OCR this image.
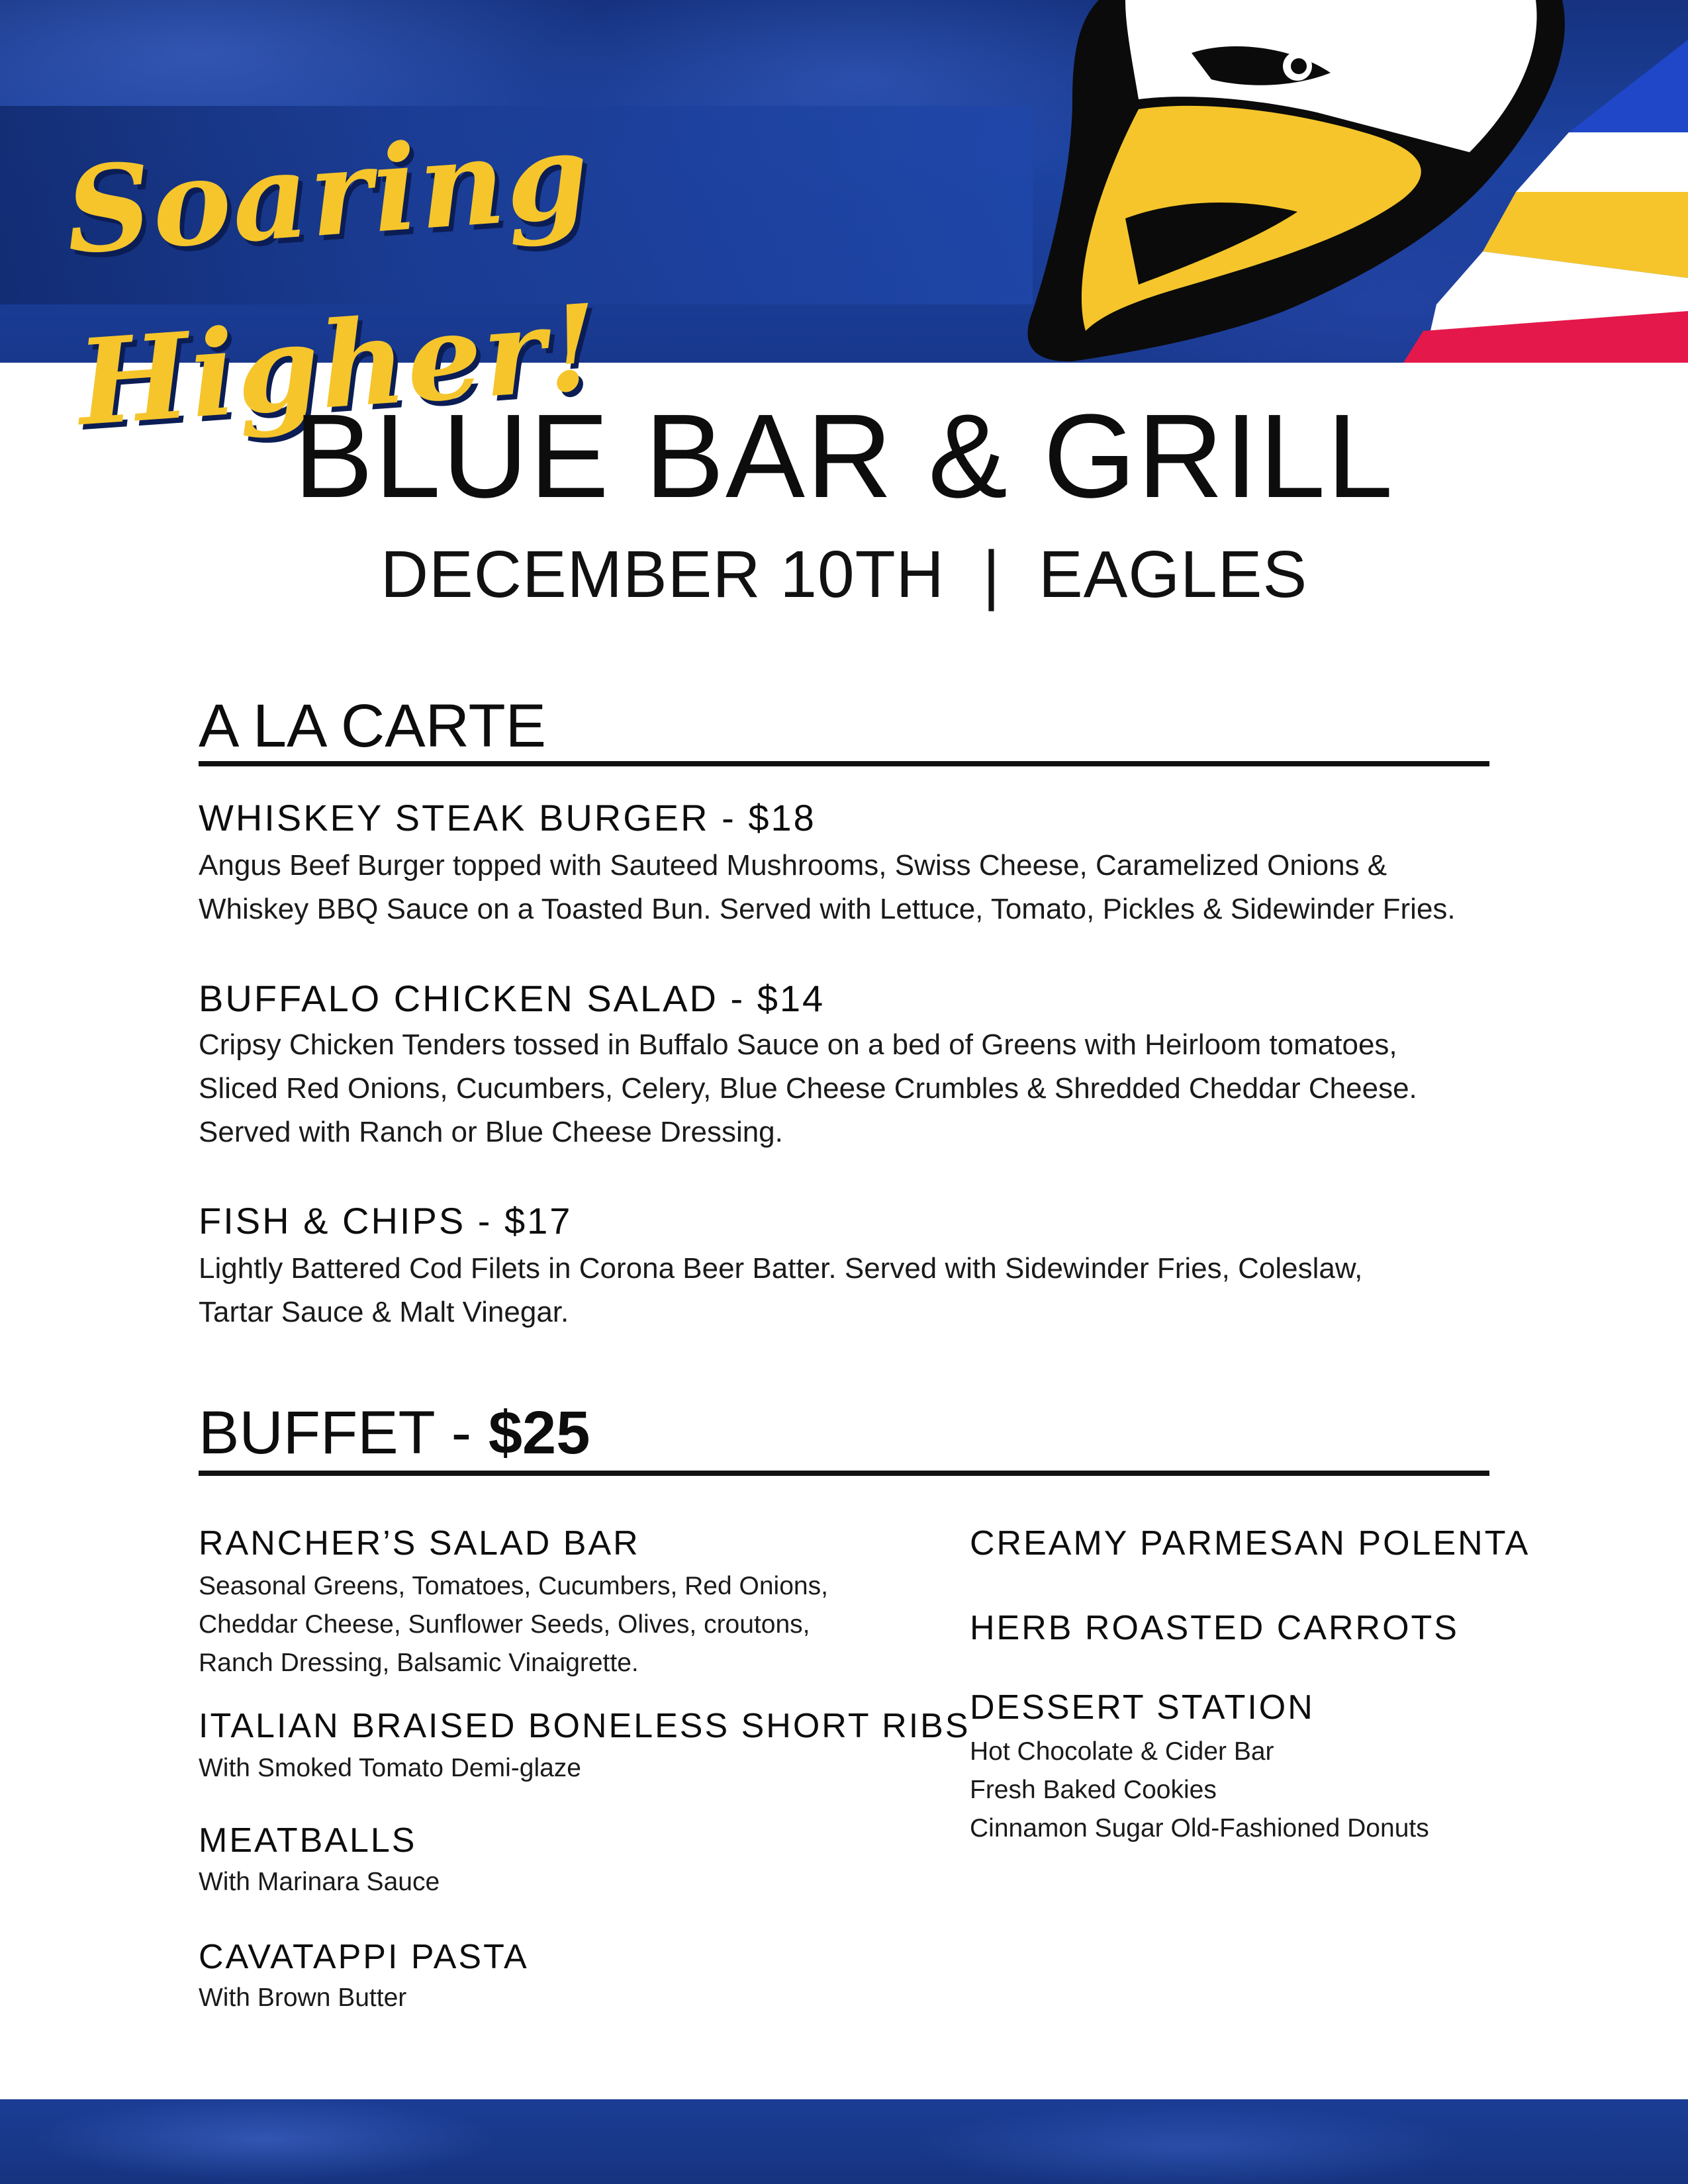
Soaring Higher!
BLUE BAR & GRILL
DECEMBER 10TH  |  EAGLES
A LA CARTE
WHISKEY STEAK BURGER - $18
Angus Beef Burger topped with Sauteed Mushrooms, Swiss Cheese, Caramelized Onions &
Whiskey BBQ Sauce on a Toasted Bun. Served with Lettuce, Tomato, Pickles & Sidewinder Fries.
BUFFALO CHICKEN SALAD - $14
Cripsy Chicken Tenders tossed in Buffalo Sauce on a bed of Greens with Heirloom tomatoes,
Sliced Red Onions, Cucumbers, Celery, Blue Cheese Crumbles & Shredded Cheddar Cheese.
Served with Ranch or Blue Cheese Dressing.
FISH & CHIPS - $17
Lightly Battered Cod Filets in Corona Beer Batter. Served with Sidewinder Fries, Coleslaw,
Tartar Sauce & Malt Vinegar.
BUFFET - $25
RANCHER’S SALAD BAR
Seasonal Greens, Tomatoes, Cucumbers, Red Onions,
Cheddar Cheese, Sunflower Seeds, Olives, croutons,
Ranch Dressing, Balsamic Vinaigrette.
ITALIAN BRAISED BONELESS SHORT RIBS
With Smoked Tomato Demi-glaze
MEATBALLS
With Marinara Sauce
CAVATAPPI PASTA
With Brown Butter
CREAMY PARMESAN POLENTA
HERB ROASTED CARROTS
DESSERT STATION
Hot Chocolate & Cider Bar
Fresh Baked Cookies
Cinnamon Sugar Old-Fashioned Donuts
